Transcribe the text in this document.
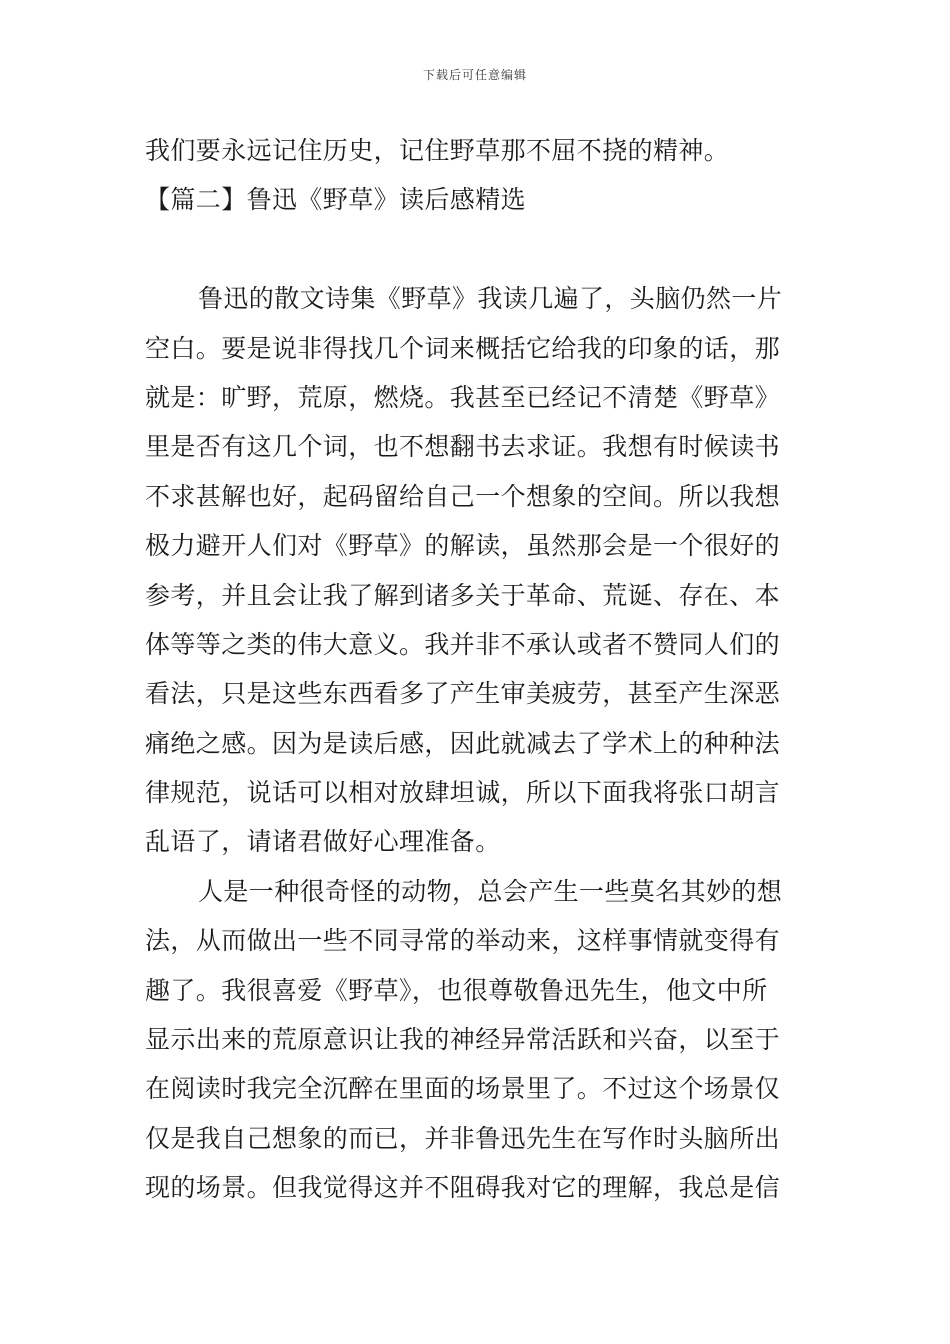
下载后可任意编辑
我们要永远记住历史，记住野草那不屈不挠的精神。
【篇二】鲁迅《野草》读后感精选
鲁迅的散文诗集《野草》我读几遍了，头脑仍然一片
空白。要是说非得找几个词来概括它给我的印象的话，那
就是：旷野，荒原，燃烧。我甚至已经记不清楚《野草》
里是否有这几个词，也不想翻书去求证。我想有时候读书
不求甚解也好，起码留给自己一个想象的空间。所以我想
极力避开人们对《野草》的解读，虽然那会是一个很好的
参考，并且会让我了解到诸多关于革命、荒诞、存在、本
体等等之类的伟大意义。我并非不承认或者不赞同人们的
看法，只是这些东西看多了产生审美疲劳，甚至产生深恶
痛绝之感。因为是读后感，因此就减去了学术上的种种法
律规范，说话可以相对放肆坦诚，所以下面我将张口胡言
乱语了，请诸君做好心理准备。
人是一种很奇怪的动物，总会产生一些莫名其妙的想
法，从而做出一些不同寻常的举动来，这样事情就变得有
趣了。我很喜爱《野草》，也很尊敬鲁迅先生，他文中所
显示出来的荒原意识让我的神经异常活跃和兴奋，以至于
在阅读时我完全沉醉在里面的场景里了。不过这个场景仅
仅是我自己想象的而已，并非鲁迅先生在写作时头脑所出
现的场景。但我觉得这并不阻碍我对它的理解，我总是信
